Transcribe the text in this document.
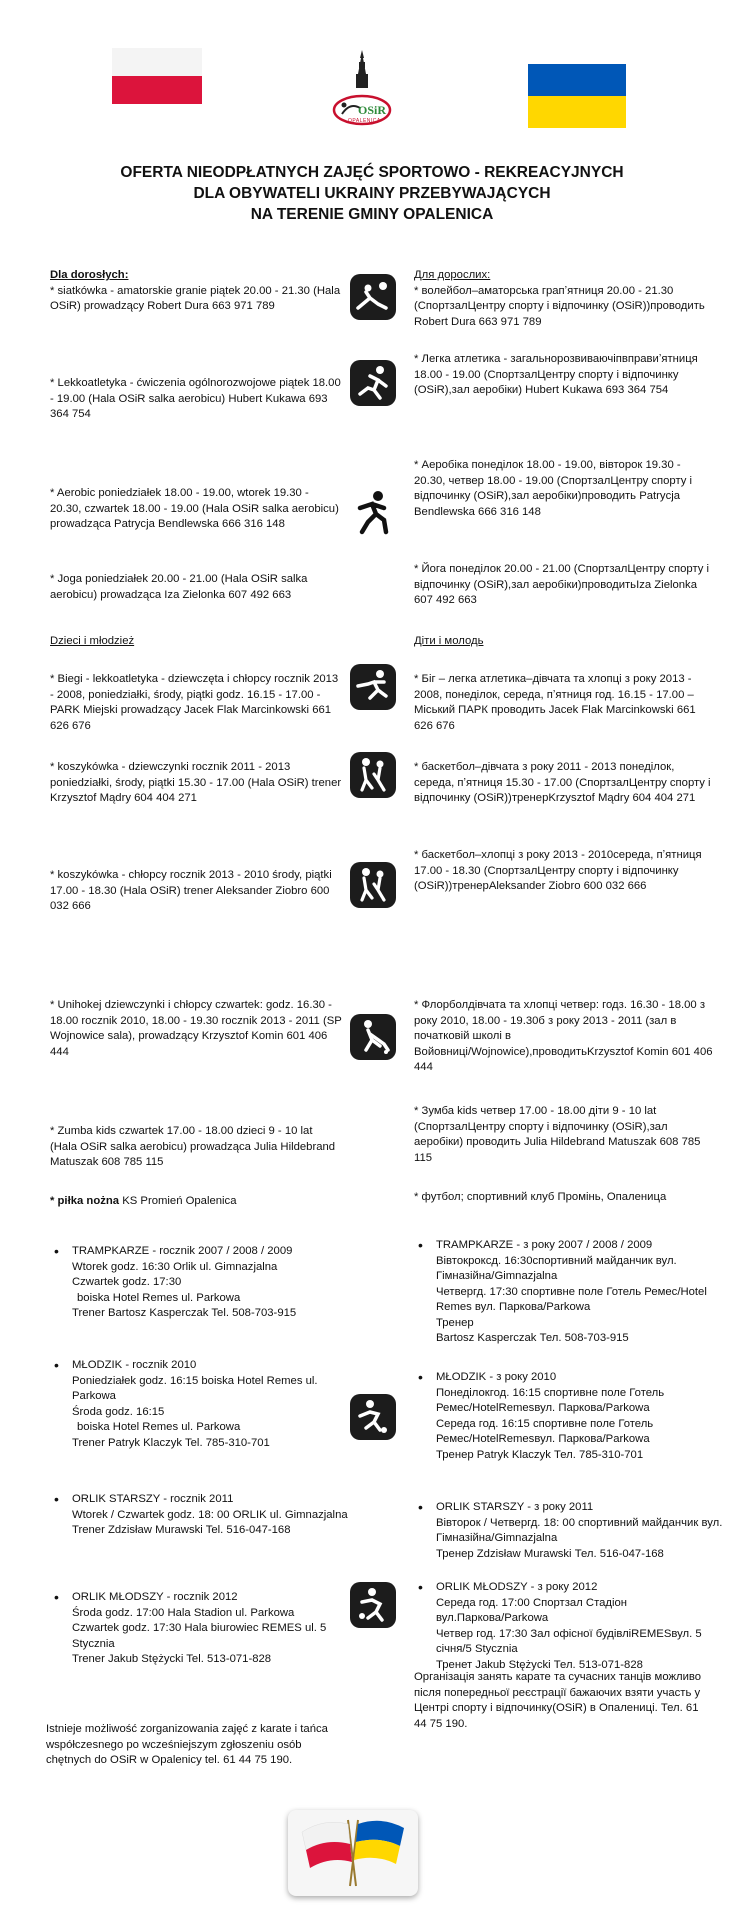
OSiR
OPALENICA
OFERTA NIEODPŁATNYCH ZAJĘĆ SPORTOWO - REKREACYJNYCH
DLA OBYWATELI UKRAINY PRZEBYWAJĄCYCH
NA TERENIE GMINY OPALENICA
Dla dorosłych:
* siatkówka - amatorskie granie piątek 20.00 - 21.30 (Hala OSiR) prowadzący Robert Dura 663 971 789
* Lekkoatletyka - ćwiczenia ogólnorozwojowe piątek 18.00 - 19.00 (Hala OSiR salka aerobicu) Hubert Kukawa 693 364 754
* Aerobic poniedziałek 18.00 - 19.00, wtorek 19.30 - 20.30, czwartek 18.00 - 19.00 (Hala OSiR salka aerobicu) prowadząca Patrycja Bendlewska 666 316 148
* Joga poniedziałek 20.00 - 21.00 (Hala OSiR salka aerobicu) prowadząca Iza Zielonka 607 492 663
Dzieci i młodzież
* Biegi - lekkoatletyka - dziewczęta i chłopcy rocznik 2013 - 2008, poniedziałki, środy, piątki godz. 16.15 - 17.00 - PARK Miejski prowadzący Jacek Flak Marcinkowski 661 626 676
* koszykówka - dziewczynki rocznik 2011 - 2013 poniedziałki, środy, piątki 15.30 - 17.00 (Hala OSiR) trener Krzysztof Mądry 604 404 271
* koszykówka - chłopcy rocznik 2013 - 2010 środy, piątki 17.00 - 18.30 (Hala OSiR) trener Aleksander Ziobro 600 032 666
* Unihokej dziewczynki i chłopcy czwartek: godz. 16.30 - 18.00 rocznik 2010, 18.00 - 19.30 rocznik 2013 - 2011 (SP Wojnowice sala), prowadzący Krzysztof Komin 601 406 444
* Zumba kids czwartek 17.00 - 18.00 dzieci 9 - 10 lat (Hala OSiR salka aerobicu) prowadząca Julia Hildebrand Matuszak 608 785 115
* piłka nożna KS Promień Opalenica
• TRAMPKARZE - rocznik 2007 / 2008 / 2009
Wtorek godz. 16:30 Orlik ul. Gimnazjalna
Czwartek godz. 17:30
boiska Hotel Remes ul. Parkowa
Trener Bartosz Kasperczak Tel. 508-703-915
• MŁODZIK - rocznik 2010
Poniedziałek godz. 16:15 boiska Hotel Remes ul. Parkowa
Środa godz. 16:15
boiska Hotel Remes ul. Parkowa
Trener Patryk Klaczyk Tel. 785-310-701
• ORLIK STARSZY - rocznik 2011
Wtorek / Czwartek godz. 18: 00 ORLIK ul. Gimnazjalna
Trener Zdzisław Murawski Tel. 516-047-168
• ORLIK MŁODSZY - rocznik 2012
Środa godz. 17:00 Hala Stadion ul. Parkowa
Czwartek godz. 17:30 Hala biurowiec REMES ul. 5 Stycznia
Trener Jakub Stężycki Tel. 513-071-828
Istnieje możliwość zorganizowania zajęć z karate i tańca współczesnego po wcześniejszym zgłoszeniu osób chętnych do OSiR w Opalenicy tel. 61 44 75 190.
Для дорослих:
* волейбол–аматорська грапʼятниця 20.00 - 21.30 (СпортзалЦентру спорту і відпочинку (OSiR))проводить Robert Dura 663 971 789
* Легка атлетика - загальнорозвиваючіпвправиʼятниця 18.00 - 19.00 (СпортзалЦентру спорту і відпочинку (OSiR),зал аеробіки) Hubert Kukawa 693 364 754
* Аеробіка понеділок 18.00 - 19.00, вівторок 19.30 - 20.30, четвер 18.00 - 19.00 (СпортзалЦентру спорту і відпочинку (OSiR),зал аеробіки)проводить Patrycja Bendlewska 666 316 148
* Йога понеділок 20.00 - 21.00 (СпортзалЦентру спорту і відпочинку (OSiR),зал аеробіки)проводитьIza Zielonka 607 492 663
Діти і молодь
* Біг – легка атлетика–дівчата та хлопці з року 2013 - 2008, понеділок, середа, пʼятниця год. 16.15 - 17.00 –Міський ПАРК проводить Jacek Flak Marcinkowski 661 626 676
* баскетбол–дівчата з року 2011 - 2013 понеділок, середа, пʼятниця 15.30 - 17.00 (СпортзалЦентру спорту і відпочинку (OSiR))тренерKrzysztof Mądry 604 404 271
* баскетбол–хлопці з року 2013 - 2010середа, пʼятниця 17.00 - 18.30 (СпортзалЦентру спорту і відпочинку (OSiR))тренерAleksander Ziobro 600 032 666
* Флорболдівчата та хлопці четвер: годз. 16.30 - 18.00 з року 2010, 18.00 - 19.30б з року 2013 - 2011 (зал в початковій школі в Войовниці/Wojnowice),проводитьKrzysztof Komin 601 406 444
* Зумба kids четвер 17.00 - 18.00 діти 9 - 10 lat (СпортзалЦентру спорту і відпочинку (OSiR),зал аеробіки) проводить Julia Hildebrand Matuszak 608 785 115
* футбол; спортивний клуб Промінь, Опаленица
• TRAMPKARZE - з року 2007 / 2008 / 2009
Вівтокроксд. 16:30спортивний майданчик вул. Гімназійна/Gimnazjalna
Четвергд. 17:30 спортивне поле Готель Ремес/Hotel Remes вул. Паркова/Parkowa
Тренер
Bartosz Kasperczak Тел. 508-703-915
• MŁODZIK - з року 2010
Понеділокгод. 16:15 спортивне поле Готель Ремес/HotelRemesвул. Паркова/Parkowa
Середа год. 16:15 спортивне поле Готель Ремес/HotelRemesвул. Паркова/Parkowa
Тренер Patryk Klaczyk Тел. 785-310-701
• ORLIK STARSZY - з року 2011
Вівторок / Четвергд. 18: 00 спортивний майданчик вул. Гімназійна/Gimnazjalna
Тренер Zdzisław Murawski Тел. 516-047-168
• ORLIK MŁODSZY - з року 2012
Середа год. 17:00 Спортзал Стадіон вул.Паркова/Parkowa
Четвер год. 17:30 Зал офісної будівліREMESвул. 5 січня/5 Stycznia
Тренет Jakub Stężycki Тел. 513-071-828
Організація занять карате та сучасних танців можливо після попередньої реєстрації бажаючих взяти участь у Центрі спорту і відпочинку(OSiR) в Опалениці. Тел. 61 44 75 190.
